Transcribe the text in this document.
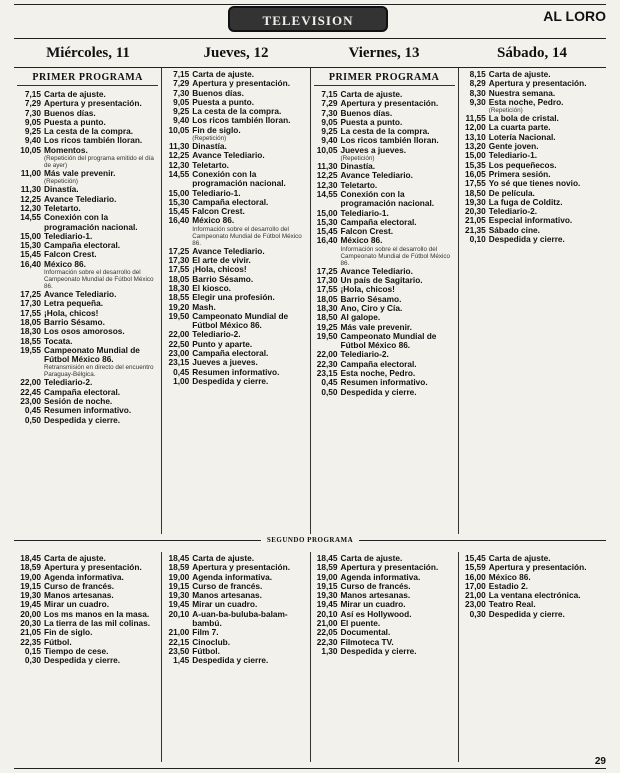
TELEVISION	AL LORO
Miércoles, 11	Jueves, 12	Viernes, 13	Sábado, 14
PRIMER PROGRAMA
7,15 Carta de ajuste.
7,29 Apertura y presentación.
7,30 Buenos días.
9,05 Puesta a punto.
9,25 La cesta de la compra.
9,40 Los ricos también lloran.
10,05 Momentos.
(Repetición del programa emitido el día de ayer)
11,00 Más vale prevenir.
(Repetición)
11,30 Dinastía.
12,25 Avance Telediario.
12,30 Teletarto.
14,55 Conexión con la programación nacional.
15,00 Telediario-1.
15,30 Campaña electoral.
15,45 Falcon Crest.
16,40 México 86.
Información sobre el desarrollo del Campeonato Mundial de Fútbol México 86.
17,25 Avance Telediario.
17,30 Letra pequeña.
17,55 ¡Hola, chicos!
18,05 Barrio Sésamo.
18,30 Los osos amorosos.
18,55 Tocata.
19,55 Campeonato Mundial de Fútbol México 86.
Retransmisión en directo del encuentro Paraguay-Bélgica.
22,00 Telediario-2.
22,45 Campaña electoral.
23,00 Sesión de noche.
0,45 Resumen informativo.
0,50 Despedida y cierre.
7,15 Carta de ajuste.
7,29 Apertura y presentación.
7,30 Buenos días.
9,05 Puesta a punto.
9,25 La cesta de la compra.
9,40 Los ricos también lloran.
10,05 Fin de siglo.
(Repetición)
11,30 Dinastía.
12,25 Avance Telediario.
12,30 Teletarto.
14,55 Conexión con la programación nacional.
15,00 Telediario-1.
15,30 Campaña electoral.
15,45 Falcon Crest.
16,40 México 86.
Información sobre el desarrollo del Campeonato Mundial de Fútbol México 86.
17,25 Avance Telediario.
17,30 El arte de vivir.
17,55 ¡Hola, chicos!
18,05 Barrio Sésamo.
18,30 El kiosco.
18,55 Elegir una profesión.
19,20 Mash.
19,50 Campeonato Mundial de Fútbol México 86.
22,00 Telediario-2.
22,50 Punto y aparte.
23,00 Campaña electoral.
23,15 Jueves a jueves.
0,45 Resumen informativo.
1,00 Despedida y cierre.
PRIMER PROGRAMA
7,15 Carta de ajuste.
7,29 Apertura y presentación.
7,30 Buenos días.
9,05 Puesta a punto.
9,25 La cesta de la compra.
9,40 Los ricos también lloran.
10,05 Jueves a jueves.
(Repetición)
11,30 Dinastía.
12,25 Avance Telediario.
12,30 Teletarto.
14,55 Conexión con la programación nacional.
15,00 Telediario-1.
15,30 Campaña electoral.
15,45 Falcon Crest.
16,40 México 86.
Información sobre el desarrollo del Campeonato Mundial de Fútbol México 86.
17,25 Avance Telediario.
17,30 Un país de Sagitario.
17,55 ¡Hola, chicos!
18,05 Barrio Sésamo.
18,30 Ano, Ciro y Cía.
18,50 Al galope.
19,25 Más vale prevenir.
19,50 Campeonato Mundial de Fútbol México 86.
22,00 Telediario-2.
22,30 Campaña electoral.
23,15 Esta noche, Pedro.
0,45 Resumen informativo.
0,50 Despedida y cierre.
8,15 Carta de ajuste.
8,29 Apertura y presentación.
8,30 Nuestra semana.
9,30 Esta noche, Pedro.
(Repetición)
11,55 La bola de cristal.
12,00 La cuarta parte.
13,10 Lotería Nacional.
13,20 Gente joven.
15,00 Telediario-1.
15,35 Los pequeñecos.
16,05 Primera sesión.
17,55 Yo sé que tienes novio.
18,50 De película.
19,30 La fuga de Colditz.
20,30 Telediario-2.
21,05 Especial informativo.
21,35 Sábado cine.
0,10 Despedida y cierre.
SEGUNDO PROGRAMA
18,45 Carta de ajuste.
18,59 Apertura y presentación.
19,00 Agenda informativa.
19,15 Curso de francés.
19,30 Manos artesanas.
19,45 Mirar un cuadro.
20,00 Los ms manos en la masa.
20,30 La tierra de las mil colinas.
21,05 Fin de siglo.
22,35 Fútbol.
0,15 Tiempo de cese.
0,30 Despedida y cierre.
18,45 Carta de ajuste.
18,59 Apertura y presentación.
19,00 Agenda informativa.
19,15 Curso de francés.
19,30 Manos artesanas.
19,45 Mirar un cuadro.
20,10 A-uan-ba-buluba-balam-bambú.
21,00 Film 7.
22,15 Cinoclub.
23,50 Fútbol.
1,45 Despedida y cierre.
18,45 Carta de ajuste.
18,59 Apertura y presentación.
19,00 Agenda informativa.
19,15 Curso de francés.
19,30 Manos artesanas.
19,45 Mirar un cuadro.
20,10 Así es Hollywood.
21,00 El puente.
22,05 Documental.
22,30 Filmoteca TV.
1,30 Despedida y cierre.
15,45 Carta de ajuste.
15,59 Apertura y presentación.
16,00 México 86.
17,00 Estadio 2.
21,00 La ventana electrónica.
23,00 Teatro Real.
0,30 Despedida y cierre.
29
